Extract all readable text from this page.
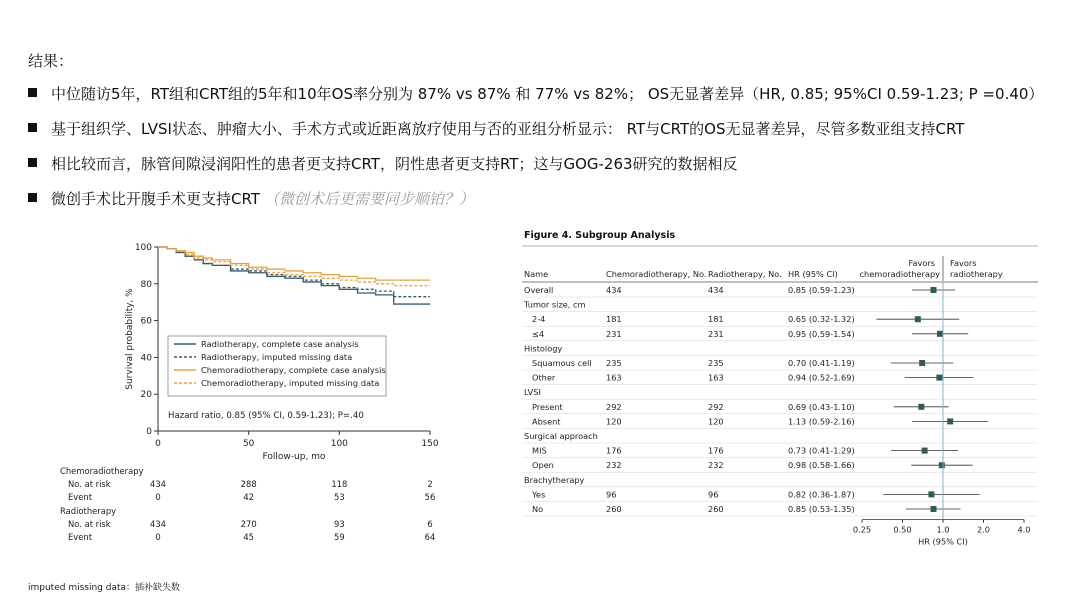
结果：
中位随访5年，RT组和CRT组的5年和10年OS率分别为 87% vs 87% 和 77% vs 82%； OS无显著差异（HR, 0.85; 95%CI 0.59-1.23; P =0.40）
基于组织学、LVSI状态、肿瘤大小、手术方式或近距离放疗使用与否的亚组分析显示： RT与CRT的OS无显著差异，尽管多数亚组支持CRT
相比较而言，脉管间隙浸润阳性的患者更支持CRT，阴性患者更支持RT；这与GOG-263研究的数据相反
微创手术比开腹手术更支持CRT （微创术后更需要同步顺铂？）
0
20
40
60
80
100
0	50	100	150
Follow-up, mo
Survival probability, %	Radiotherapy, complete case analysis
Radiotherapy, imputed missing data
Chemoradiotherapy, complete case analysis
Chemoradiotherapy, imputed missing data
Hazard ratio, 0.85 (95% CI, 0.59-1.23); P=.40
Chemoradiotherapy
No. at risk	434	288	118	2
Event	0	42	53	56
Radiotherapy
No. at risk	434	270	93	6
Event	0	45	59	64
Figure 4. Subgroup Analysis
Name	Chemoradiotherapy, No. Radiotherapy, No. HR (95% CI)
Favors
chemoradiotherapy
Favors
radiotherapy
Overall	434	434	0.85 (0.59-1.23)
Tumor size, cm
2-4	181	181	0.65 (0.32-1.32)
≤4	231	231	0.95 (0.59-1.54)
Histology
Squamous cell 235	235	0.70 (0.41-1.19)
Other	163	163	0.94 (0.52-1.69)
LVSI
Present	292	292	0.69 (0.43-1.10)
Absent	120	120	1.13 (0.59-2.16)
Surgical approach
MIS	176	176	0.73 (0.41-1.29)
Open	232	232	0.98 (0.58-1.66)
Brachytherapy
Yes	96	96	0.82 (0.36-1.87)
No	260	260	0.85 (0.53-1.35)
0.25	0.50	1.0	2.0	4.0
HR (95% CI)
imputed missing data：插补缺失数
